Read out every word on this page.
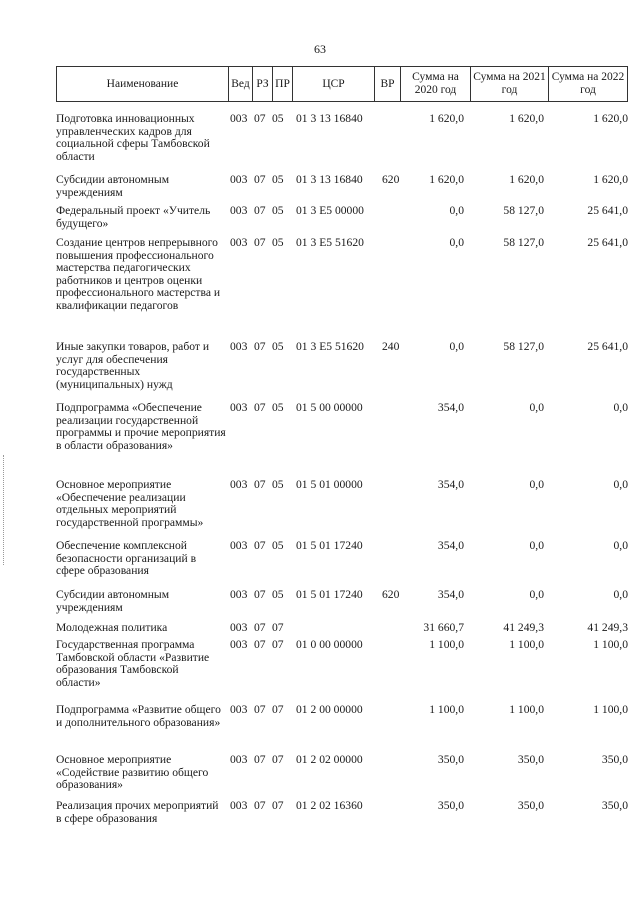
63
Наименование	Вед РЗ ПР	ЦСР	ВР
Сумма на 2020 год
Сумма на 2021 год
Сумма на 2022 год
Подготовка инновационных управленческих кадров для социальной сферы Тамбовской области
003 07 05	01 3 13 16840	1 620,0	1 620,0	1 620,0
Субсидии автономным учреждениям
003 07 05	01 3 13 16840	620	1 620,0	1 620,0	1 620,0
Федеральный проект «Учитель будущего»
003 07 05	01 3 E5 00000	0,0	58 127,0	25 641,0
Создание центров непрерывного повышения профессионального мастерства педагогических работников и центров оценки профессионального мастерства и квалификации педагогов
003 07 05	01 3 E5 51620	0,0	58 127,0	25 641,0
Иные закупки товаров, работ и услуг для обеспечения государственных (муниципальных) нужд
003 07 05	01 3 E5 51620	240	0,0	58 127,0	25 641,0
Подпрограмма «Обеспечение реализации государственной программы и прочие мероприятия в области образования»
003 07 05	01 5 00 00000	354,0	0,0	0,0
Основное мероприятие «Обеспечение реализации отдельных мероприятий государственной программы»
003 07 05	01 5 01 00000	354,0	0,0	0,0
Обеспечение комплексной безопасности организаций в сфере образования
003 07 05	01 5 01 17240	354,0	0,0	0,0
Субсидии автономным учреждениям
003 07 05	01 5 01 17240	620	354,0	0,0	0,0
Молодежная политика	003 07 07	31 660,7	41 249,3	41 249,3
Государственная программа Тамбовской области «Развитие образования Тамбовской области»
003 07 07	01 0 00 00000	1 100,0	1 100,0	1 100,0
Подпрограмма «Развитие общего и дополнительного образования»
003 07 07	01 2 00 00000	1 100,0	1 100,0	1 100,0
Основное мероприятие «Содействие развитию общего образования»
003 07 07	01 2 02 00000	350,0	350,0	350,0
Реализация прочих мероприятий в сфере образования
003 07 07	01 2 02 16360	350,0	350,0	350,0
